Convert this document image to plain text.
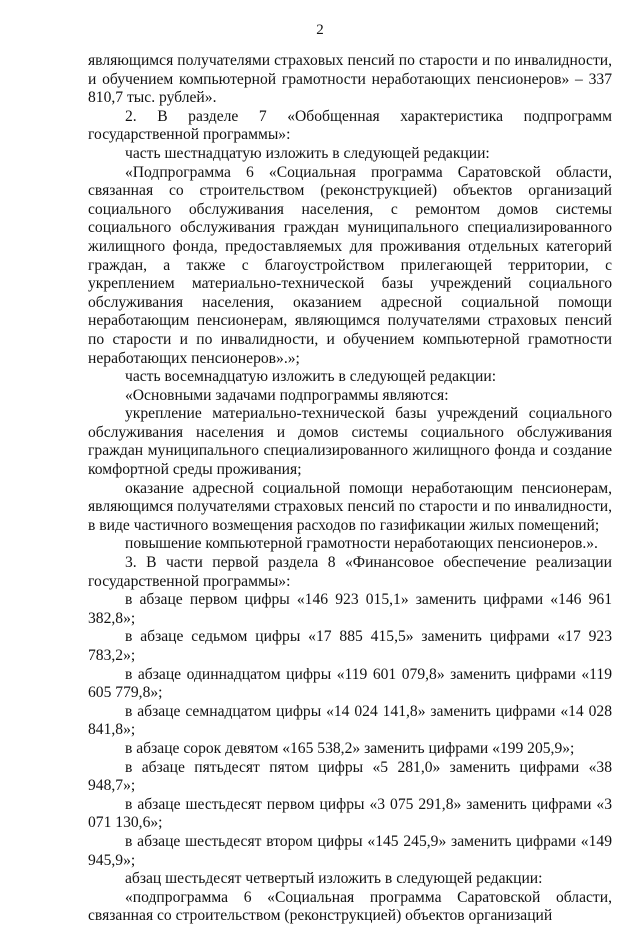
2

являющимся получателями страховых пенсий по старости и по инвалидности, и обучением компьютерной грамотности неработающих пенсионеров» – 337 810,7 тыс. рублей».

2. В разделе 7 «Обобщенная характеристика подпрограмм государственной программы»:

часть шестнадцатую изложить в следующей редакции:

«Подпрограмма 6 «Социальная программа Саратовской области, связанная со строительством (реконструкцией) объектов организаций социального обслуживания населения, с ремонтом домов системы социального обслуживания граждан муниципального специализированного жилищного фонда, предоставляемых для проживания отдельных категорий граждан, а также с благоустройством прилегающей территории, с укреплением материально-технической базы учреждений социального обслуживания населения, оказанием адресной социальной помощи неработающим пенсионерам, являющимся получателями страховых пенсий по старости и по инвалидности, и обучением компьютерной грамотности неработающих пенсионеров».»;

часть восемнадцатую изложить в следующей редакции:

«Основными задачами подпрограммы являются:

укрепление материально-технической базы учреждений социального обслуживания населения и домов системы социального обслуживания граждан муниципального специализированного жилищного фонда и создание комфортной среды проживания;

оказание адресной социальной помощи неработающим пенсионерам, являющимся получателями страховых пенсий по старости и по инвалидности, в виде частичного возмещения расходов по газификации жилых помещений;

повышение компьютерной грамотности неработающих пенсионеров.».

3. В части первой раздела 8 «Финансовое обеспечение реализации государственной программы»:

в абзаце первом цифры «146 923 015,1» заменить цифрами «146 961 382,8»;

в абзаце седьмом цифры «17 885 415,5» заменить цифрами «17 923 783,2»;

в абзаце одиннадцатом цифры «119 601 079,8» заменить цифрами «119 605 779,8»;

в абзаце семнадцатом цифры «14 024 141,8» заменить цифрами «14 028 841,8»;

в абзаце сорок девятом «165 538,2» заменить цифрами «199 205,9»;

в абзаце пятьдесят пятом цифры «5 281,0» заменить цифрами «38 948,7»;

в абзаце шестьдесят первом цифры «3 075 291,8» заменить цифрами «3 071 130,6»;

в абзаце шестьдесят втором цифры «145 245,9» заменить цифрами «149 945,9»;

абзац шестьдесят четвертый изложить в следующей редакции:

«подпрограмма 6 «Социальная программа Саратовской области, связанная со строительством (реконструкцией) объектов организаций
